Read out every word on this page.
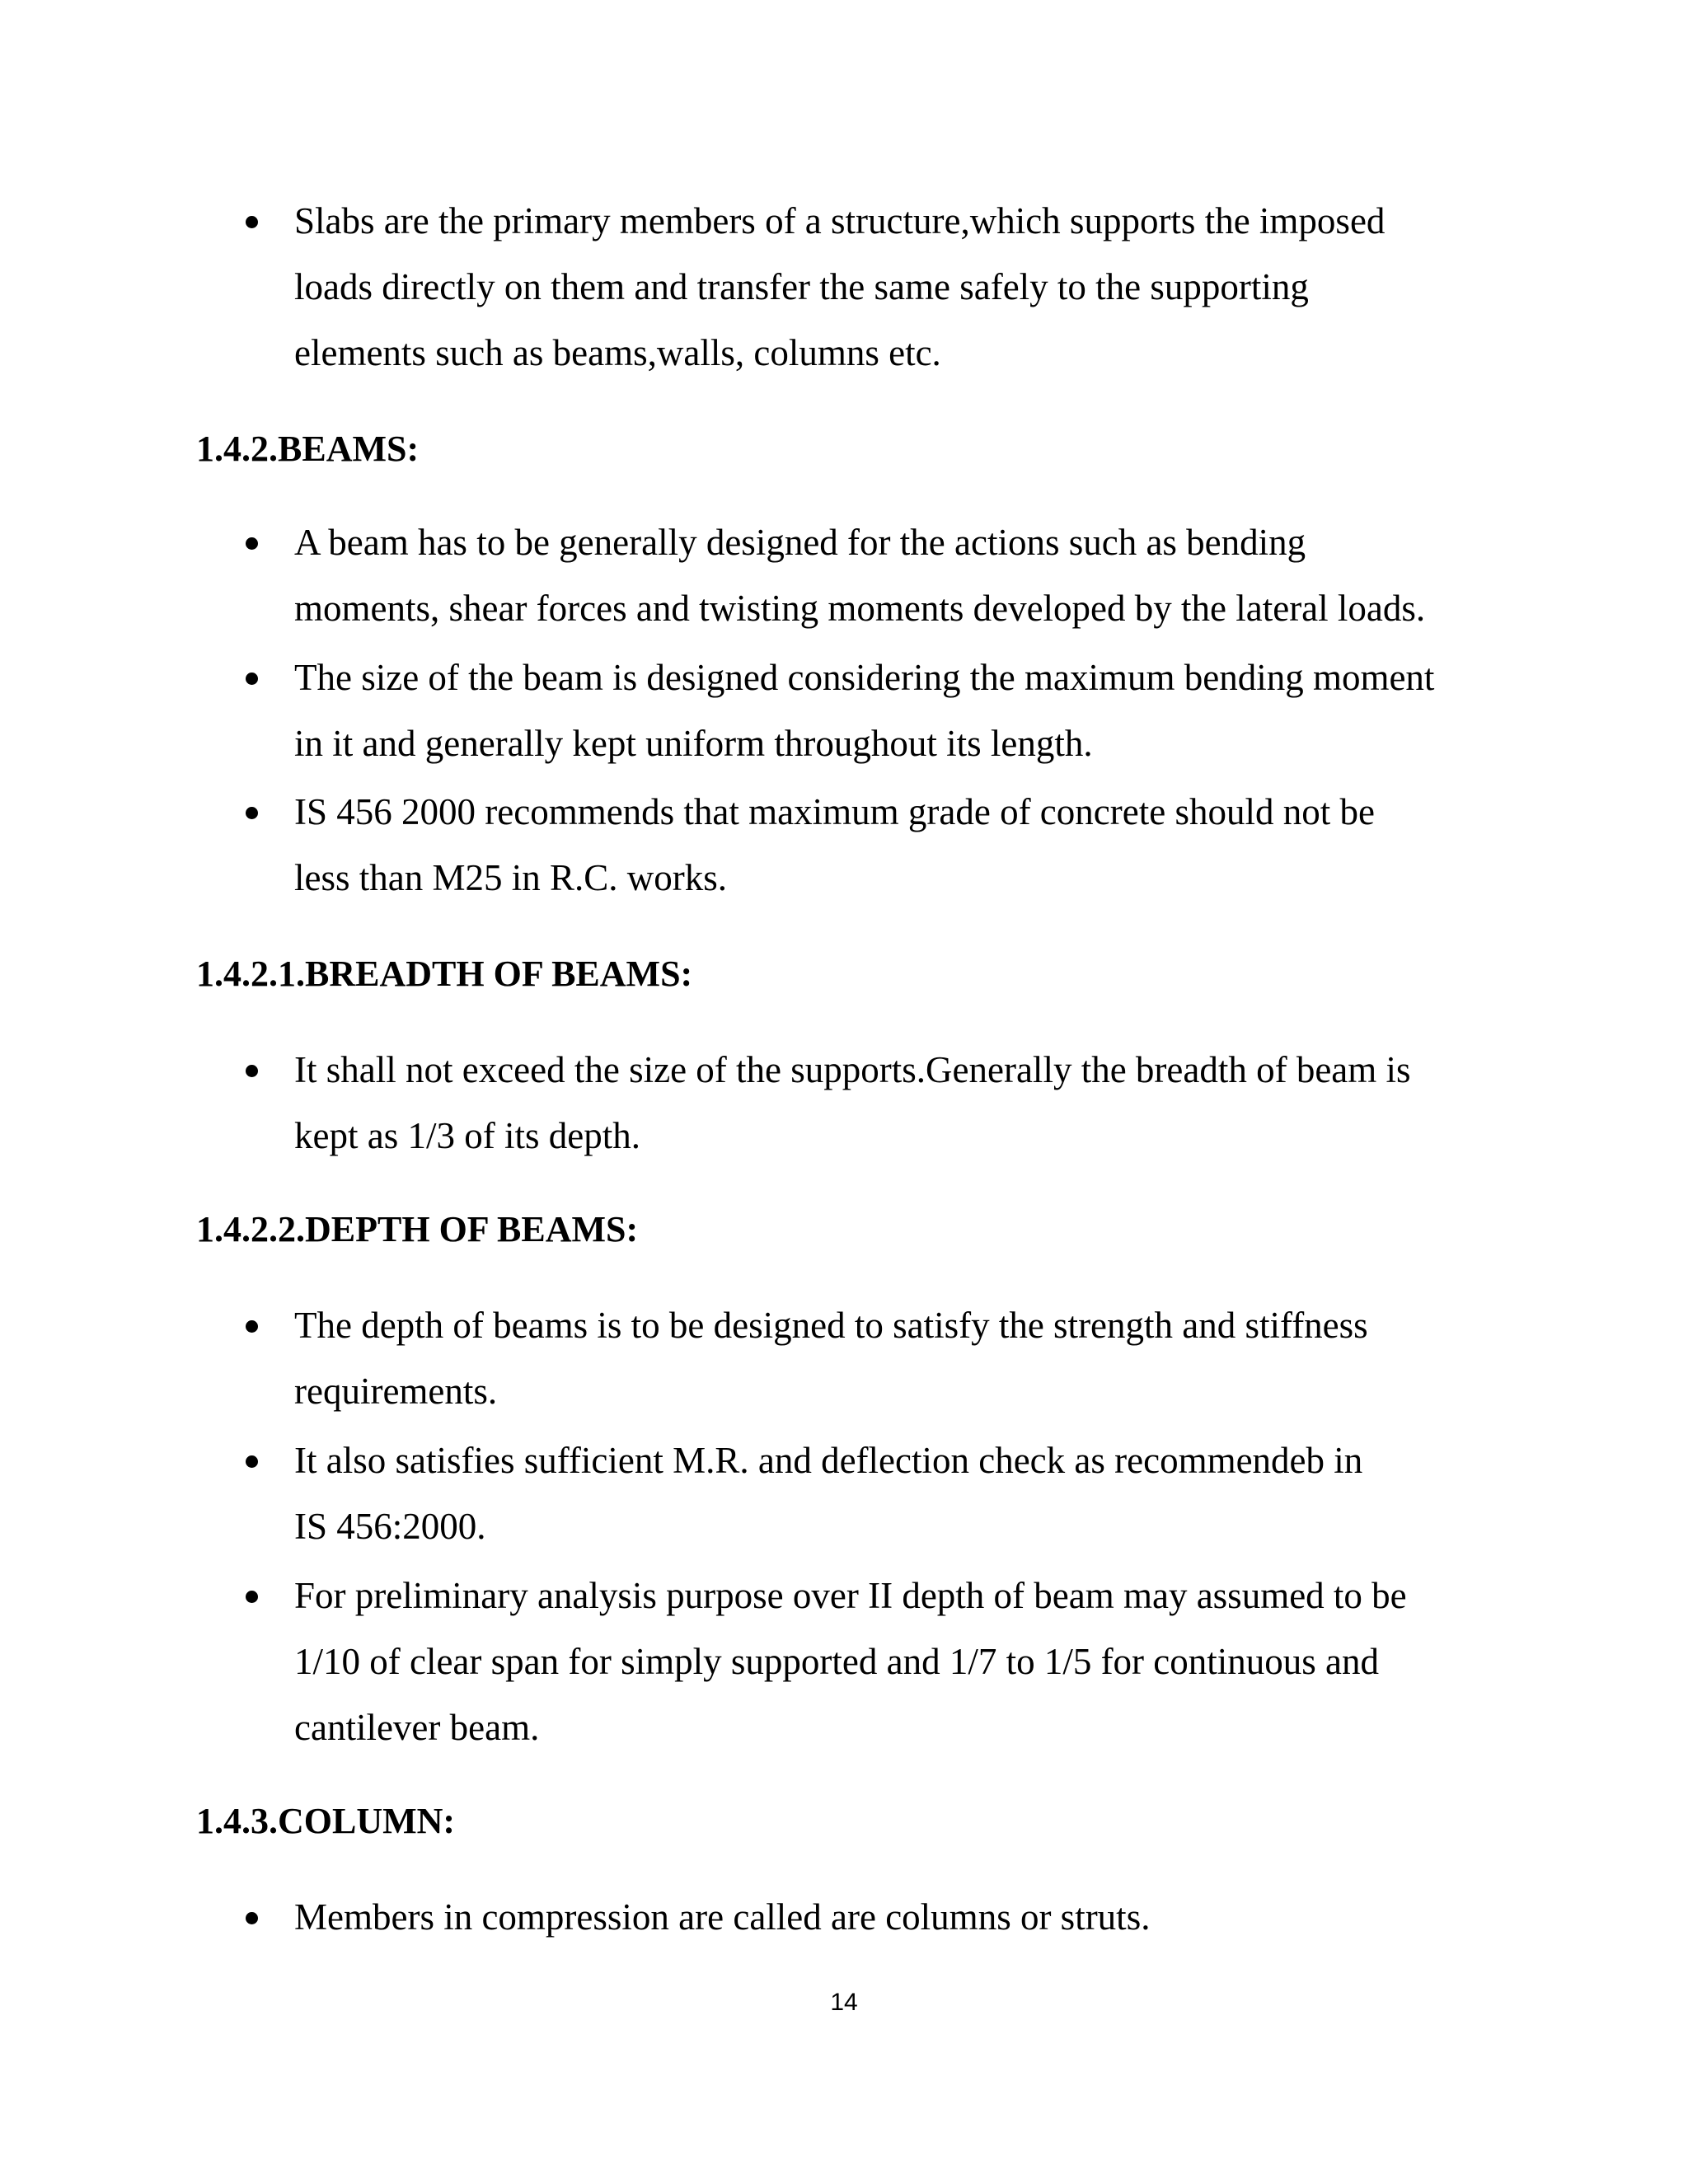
Slabs are the primary members of a structure,which supports the imposed
loads directly on them and transfer the same safely to the supporting
elements such as beams,walls, columns etc.
1.4.2.BEAMS:
A beam has to be generally designed for the actions such as bending
moments, shear forces and twisting moments developed by the lateral loads.
The size of the beam is designed considering the maximum bending moment
in it and generally kept uniform throughout its length.
IS 456 2000 recommends that maximum grade of concrete should not be
less than M25 in R.C. works.
1.4.2.1.BREADTH OF BEAMS:
It shall not exceed the size of the supports.Generally the breadth of beam is
kept as 1/3 of its depth.
1.4.2.2.DEPTH OF BEAMS:
The depth of beams is to be designed to satisfy the strength and stiffness
requirements.
It also satisfies sufficient M.R. and deflection check as recommendeb in
IS 456:2000.
For preliminary analysis purpose over II depth of beam may assumed to be
1/10 of clear span for simply supported and 1/7 to 1/5 for continuous and
cantilever beam.
1.4.3.COLUMN:
Members in compression are called are columns or struts.
14
